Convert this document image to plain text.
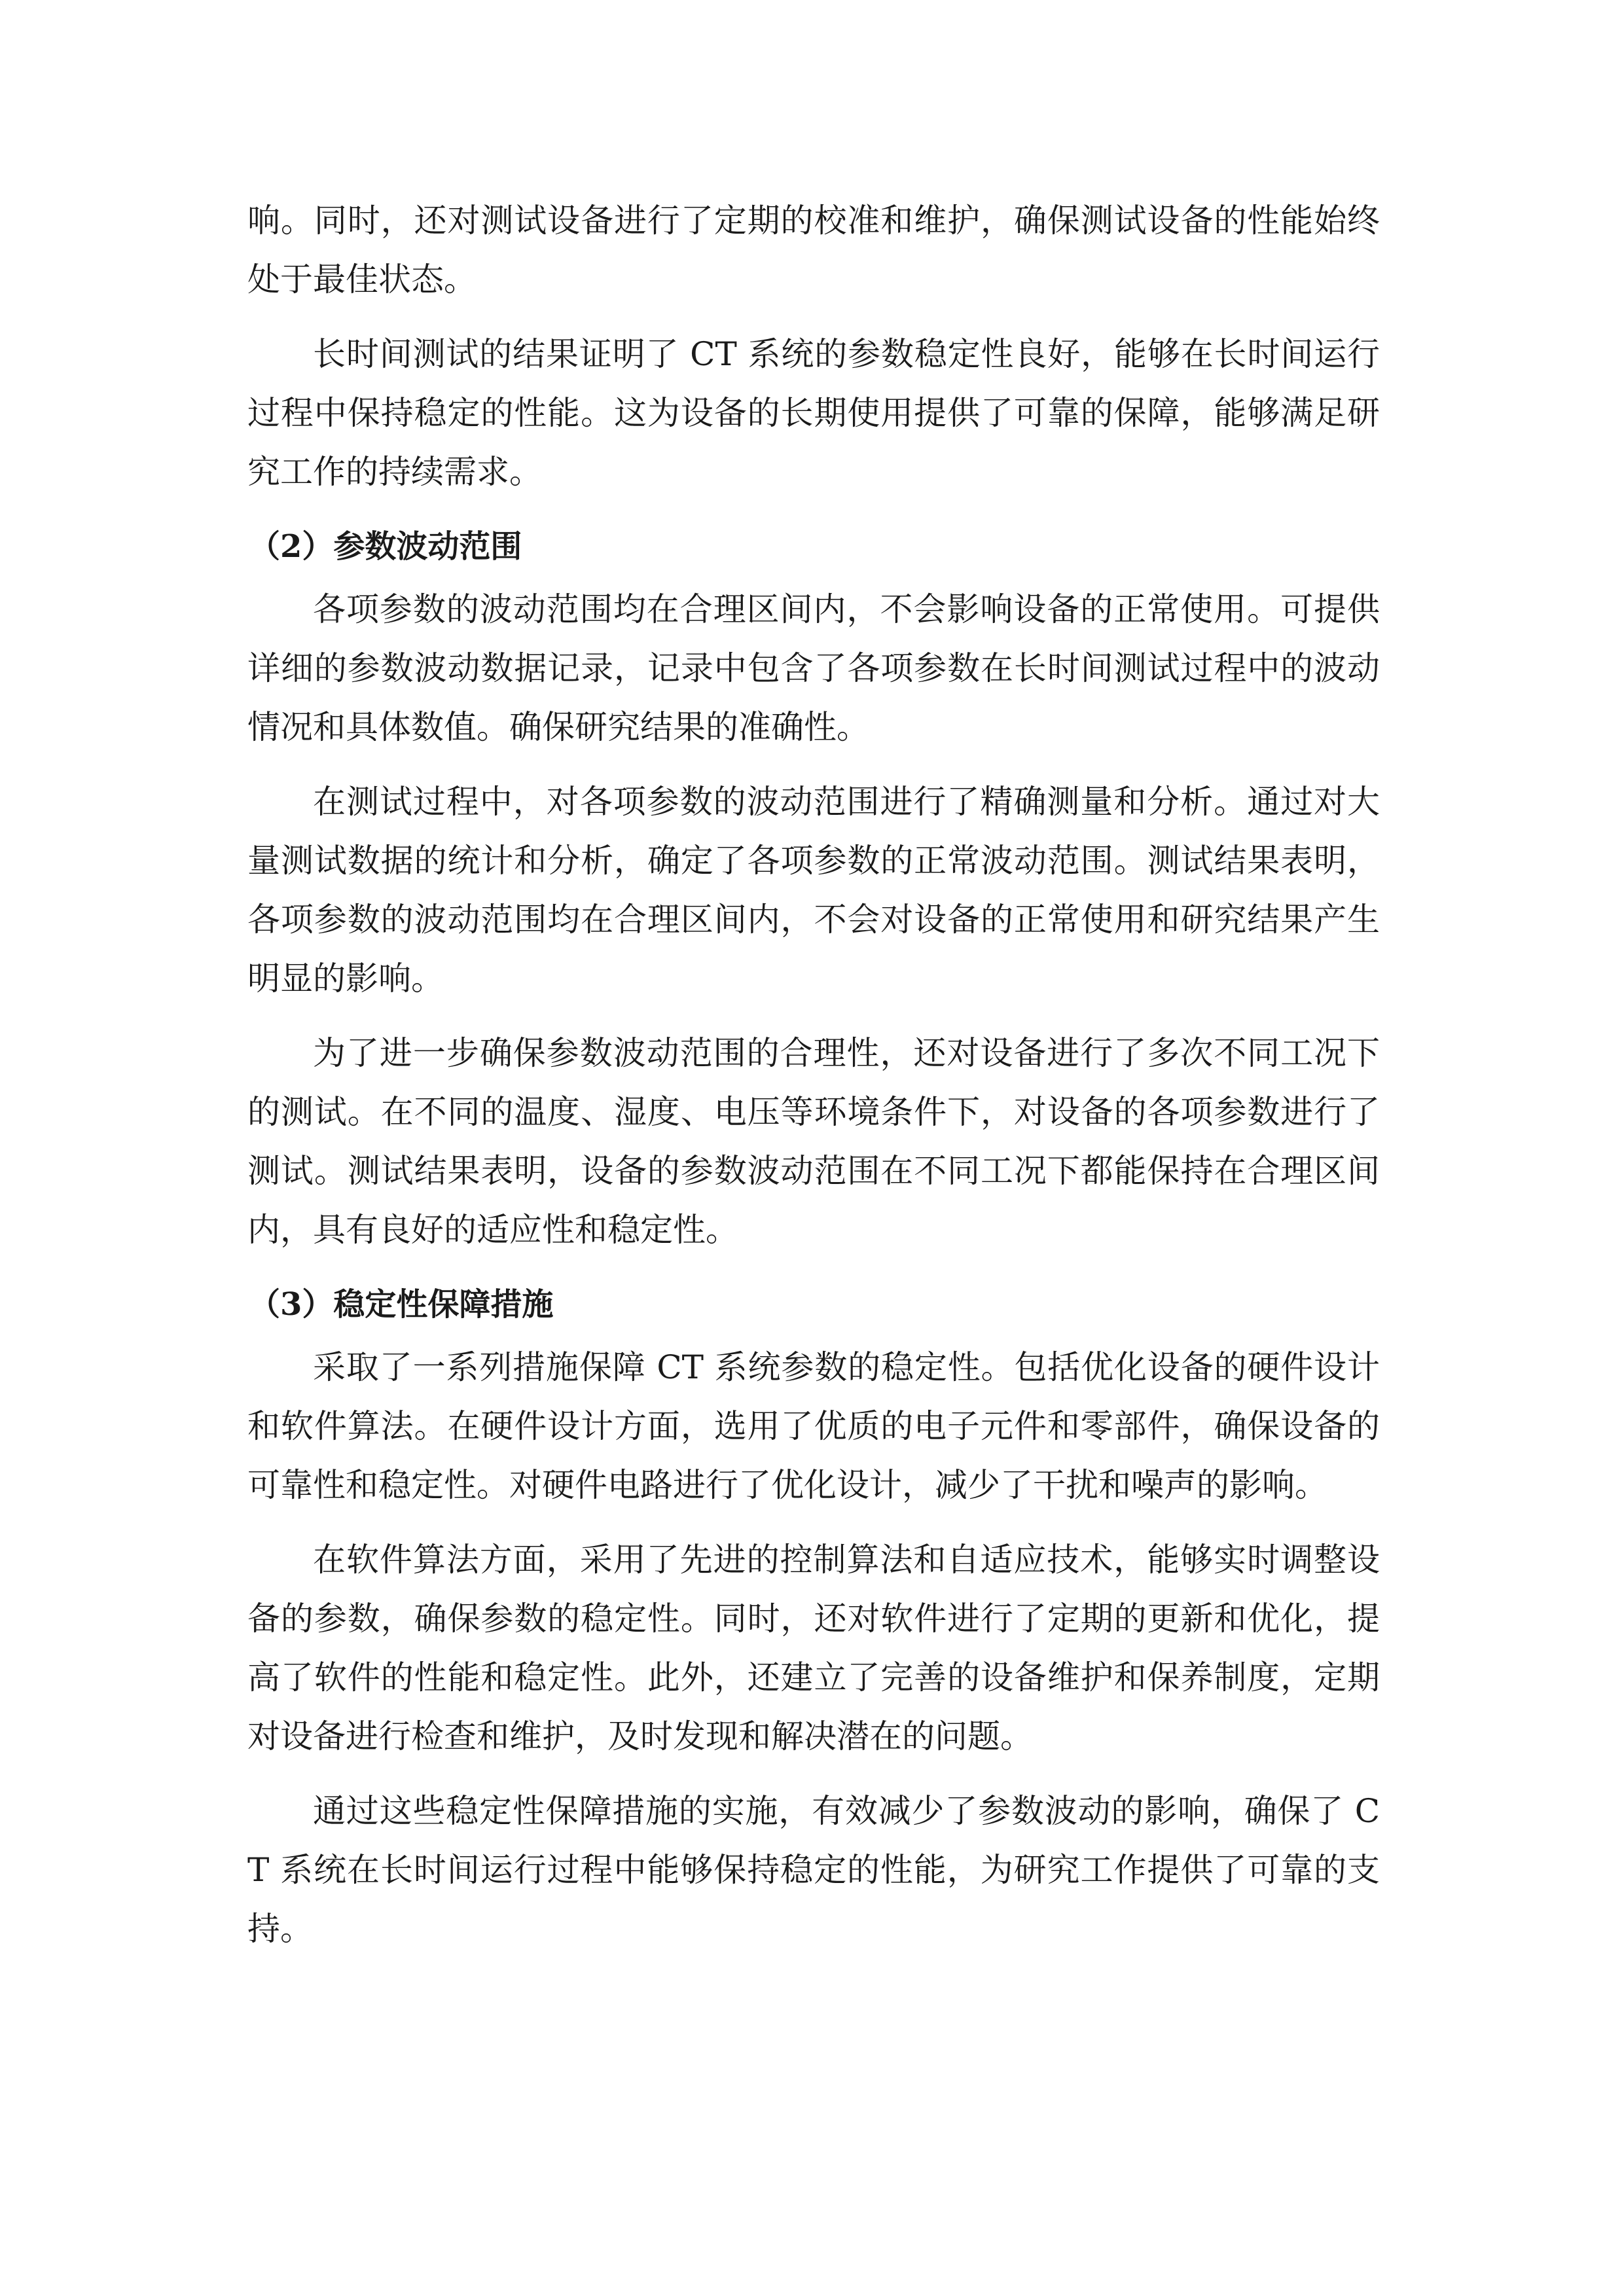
响。同时，还对测试设备进行了定期的校准和维护，确保测试设备的性能始终处于最佳状态。

长时间测试的结果证明了 CT 系统的参数稳定性良好，能够在长时间运行过程中保持稳定的性能。这为设备的长期使用提供了可靠的保障，能够满足研究工作的持续需求。

（2）参数波动范围

各项参数的波动范围均在合理区间内，不会影响设备的正常使用。可提供详细的参数波动数据记录，记录中包含了各项参数在长时间测试过程中的波动情况和具体数值。确保研究结果的准确性。

在测试过程中，对各项参数的波动范围进行了精确测量和分析。通过对大量测试数据的统计和分析，确定了各项参数的正常波动范围。测试结果表明，各项参数的波动范围均在合理区间内，不会对设备的正常使用和研究结果产生明显的影响。

为了进一步确保参数波动范围的合理性，还对设备进行了多次不同工况下的测试。在不同的温度、湿度、电压等环境条件下，对设备的各项参数进行了测试。测试结果表明，设备的参数波动范围在不同工况下都能保持在合理区间内，具有良好的适应性和稳定性。

（3）稳定性保障措施

采取了一系列措施保障 CT 系统参数的稳定性。包括优化设备的硬件设计和软件算法。在硬件设计方面，选用了优质的电子元件和零部件，确保设备的可靠性和稳定性。对硬件电路进行了优化设计，减少了干扰和噪声的影响。

在软件算法方面，采用了先进的控制算法和自适应技术，能够实时调整设备的参数，确保参数的稳定性。同时，还对软件进行了定期的更新和优化，提高了软件的性能和稳定性。此外，还建立了完善的设备维护和保养制度，定期对设备进行检查和维护，及时发现和解决潜在的问题。

通过这些稳定性保障措施的实施，有效减少了参数波动的影响，确保了 CT 系统在长时间运行过程中能够保持稳定的性能，为研究工作提供了可靠的支持。
